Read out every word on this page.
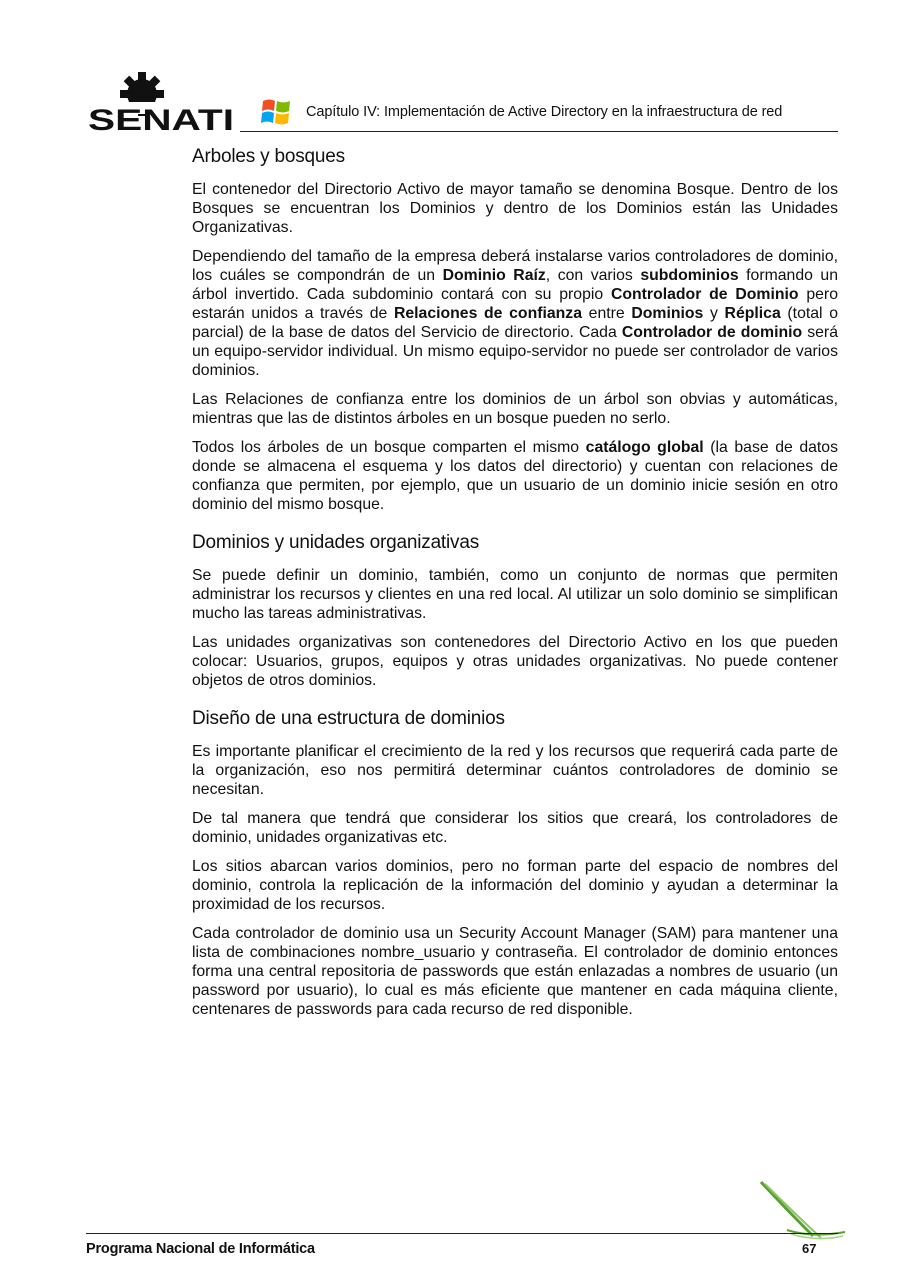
SENATI	Capítulo IV: Implementación de Active Directory en la infraestructura de red
Arboles y bosques

El contenedor del Directorio Activo de mayor tamaño se denomina Bosque. Dentro de los Bosques se encuentran los Dominios y dentro de los Dominios están las Unidades Organizativas.

Dependiendo del tamaño de la empresa deberá instalarse varios controladores de dominio, los cuáles se compondrán de un Dominio Raíz, con varios subdominios formando un árbol invertido. Cada subdominio contará con su propio Controlador de Dominio pero estarán unidos a través de Relaciones de confianza entre Dominios y Réplica (total o parcial) de la base de datos del Servicio de directorio. Cada Controlador de dominio será un equipo-servidor individual. Un mismo equipo-servidor no puede ser controlador de varios dominios.

Las Relaciones de confianza entre los dominios de un árbol son obvias y automáticas, mientras que las de distintos árboles en un bosque pueden no serlo.

Todos los árboles de un bosque comparten el mismo catálogo global (la base de datos donde se almacena el esquema y los datos del directorio) y cuentan con relaciones de confianza que permiten, por ejemplo, que un usuario de un dominio inicie sesión en otro dominio del mismo bosque.

Dominios y unidades organizativas

Se puede definir un dominio, también, como un conjunto de normas que permiten administrar los recursos y clientes en una red local. Al utilizar un solo dominio se simplifican mucho las tareas administrativas.

Las unidades organizativas son contenedores del Directorio Activo en los que pueden colocar: Usuarios, grupos, equipos y otras unidades organizativas. No puede contener objetos de otros dominios.

Diseño de una estructura de dominios

Es importante planificar el crecimiento de la red y los recursos que requerirá cada parte de la organización, eso nos permitirá determinar cuántos controladores de dominio se necesitan.

De tal manera que tendrá que considerar los sitios que creará, los controladores de dominio, unidades organizativas etc.

Los sitios abarcan varios dominios, pero no forman parte del espacio de nombres del dominio, controla la replicación de la información del dominio y ayudan a determinar la proximidad de los recursos.

Cada controlador de dominio usa un Security Account Manager (SAM) para mantener una lista de combinaciones nombre_usuario y contraseña. El controlador de dominio entonces forma una central repositoria de passwords que están enlazadas a nombres de usuario (un password por usuario), lo cual es más eficiente que mantener en cada máquina cliente, centenares de passwords para cada recurso de red disponible.

Programa Nacional de Informática	67
